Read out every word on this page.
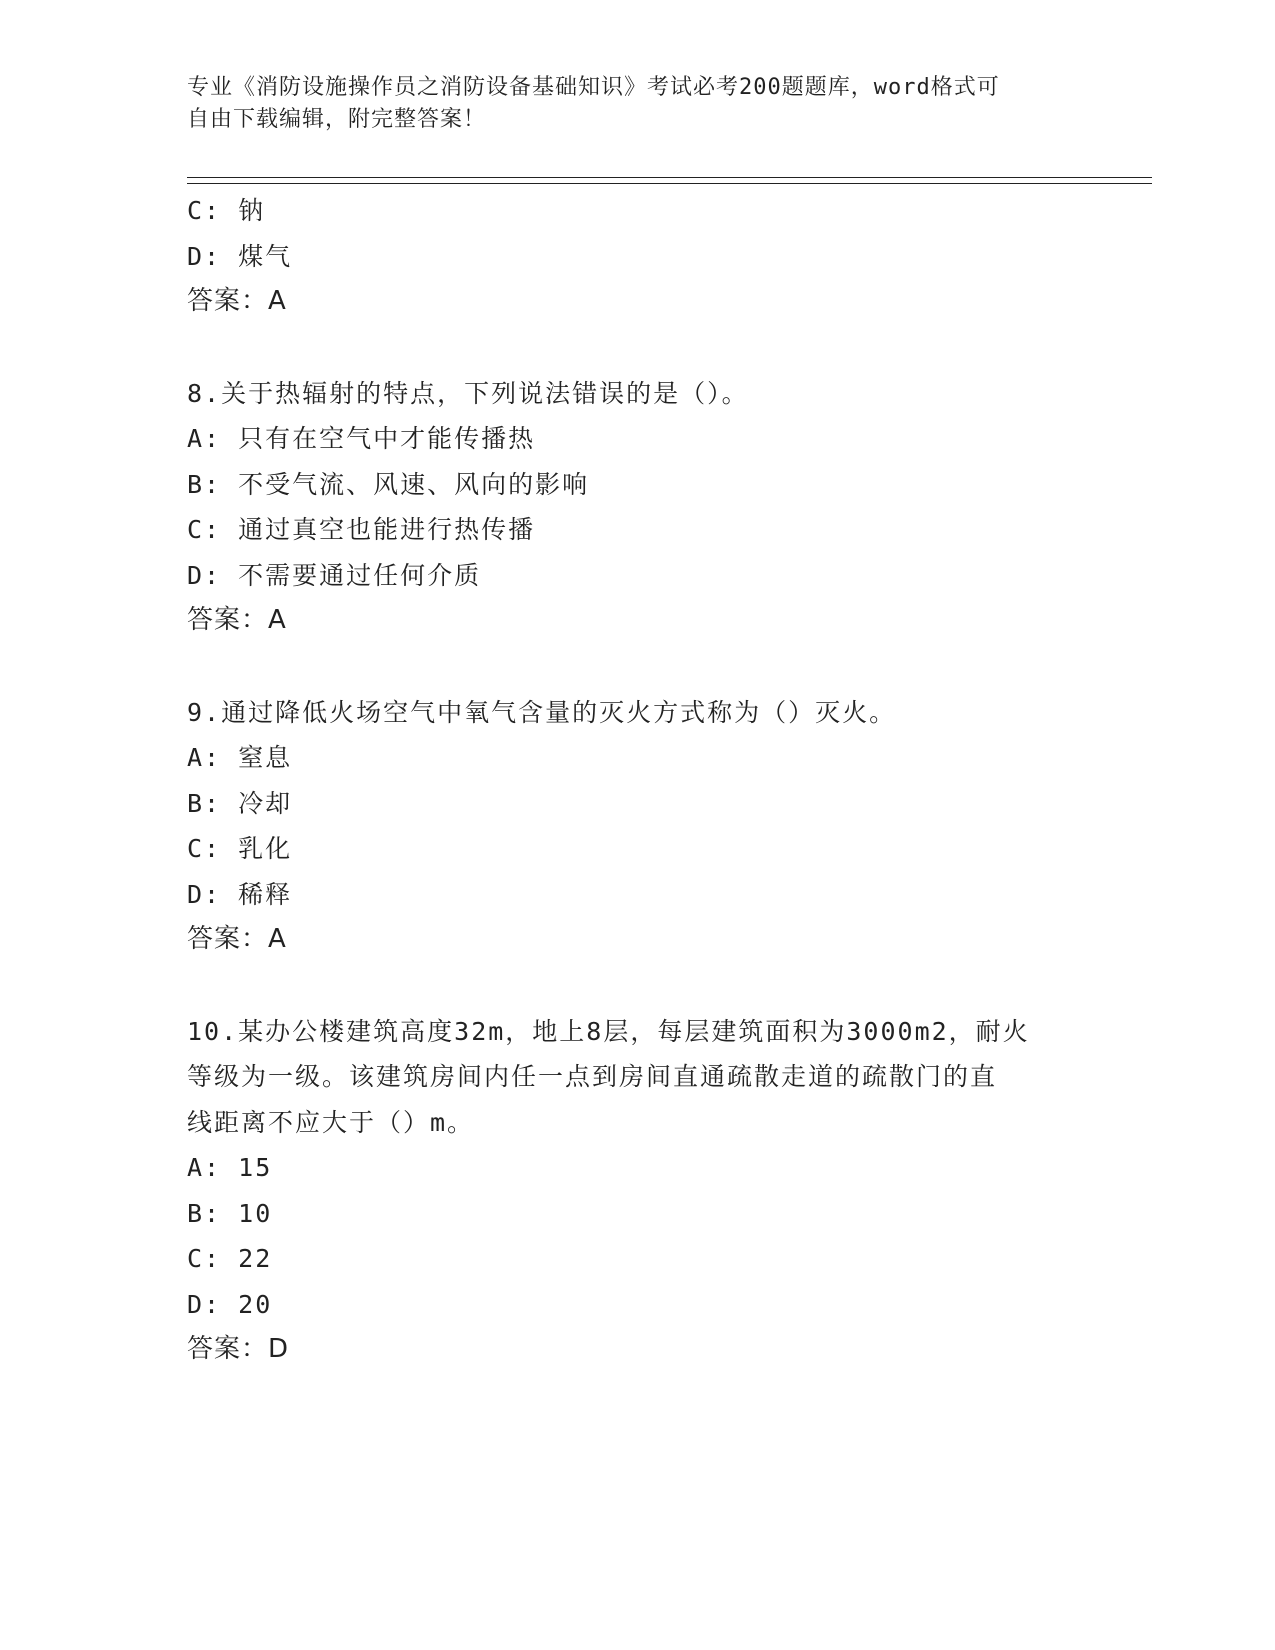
专业《消防设施操作员之消防设备基础知识》考试必考200题题库，word格式可
自由下载编辑，附完整答案！
C: 钠
D: 煤气
答案：A
8.关于热辐射的特点，下列说法错误的是（）。
A: 只有在空气中才能传播热
B: 不受气流、风速、风向的影响
C: 通过真空也能进行热传播
D: 不需要通过任何介质
答案：A
9.通过降低火场空气中氧气含量的灭火方式称为（）灭火。
A: 窒息
B: 冷却
C: 乳化
D: 稀释
答案：A
10.某办公楼建筑高度32m，地上8层，每层建筑面积为3000m2，耐火
等级为一级。该建筑房间内任一点到房间直通疏散走道的疏散门的直
线距离不应大于（）m。
A: 15
B: 10
C: 22
D: 20
答案：D
